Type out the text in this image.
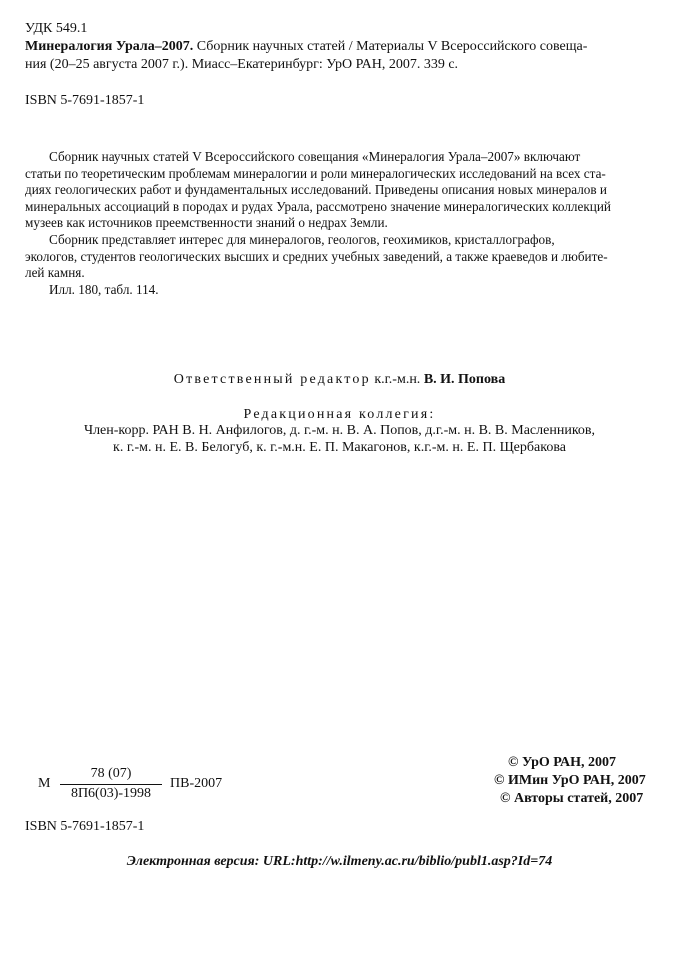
УДК 549.1
Минералогия Урала–2007. Сборник научных статей / Материалы V Всероссийского совеща-
ния (20–25 августа 2007 г.). Миасс–Екатеринбург: УрО РАН, 2007. 339 с.
ISBN 5-7691-1857-1
Сборник научных статей V Всероссийского совещания «Минералогия Урала–2007» включают
статьи по теоретическим проблемам минералогии и роли минералогических исследований на всех ста-
диях геологических работ и фундаментальных исследований. Приведены описания новых минералов и
минеральных ассоциаций в породах и рудах Урала, рассмотрено значение минералогических коллекций
музеев как источников преемственности знаний о недрах Земли.
Сборник представляет интерес для минералогов, геологов, геохимиков, кристаллографов,
экологов, студентов геологических высших и средних учебных заведений, а также краеведов и любите-
лей камня.
Илл. 180, табл. 114.
Ответственный редактор к.г.-м.н. В. И. Попова
Редакционная коллегия:
Член-корр. РАН В. Н. Анфилогов, д. г.-м. н. В. А. Попов, д.г.-м. н. В. В. Масленников,
к. г.-м. н. Е. В. Белогуб, к. г.-м.н. Е. П. Макагонов, к.г.-м. н. Е. П. Щербакова
М
78 (07)
8П6(03)-1998
ПВ-2007
ISBN 5-7691-1857-1
© УрО РАН, 2007
© ИМин УрО РАН, 2007
© Авторы статей, 2007
Электронная версия: URL:http://w.ilmeny.ac.ru/biblio/publ1.asp?Id=74
